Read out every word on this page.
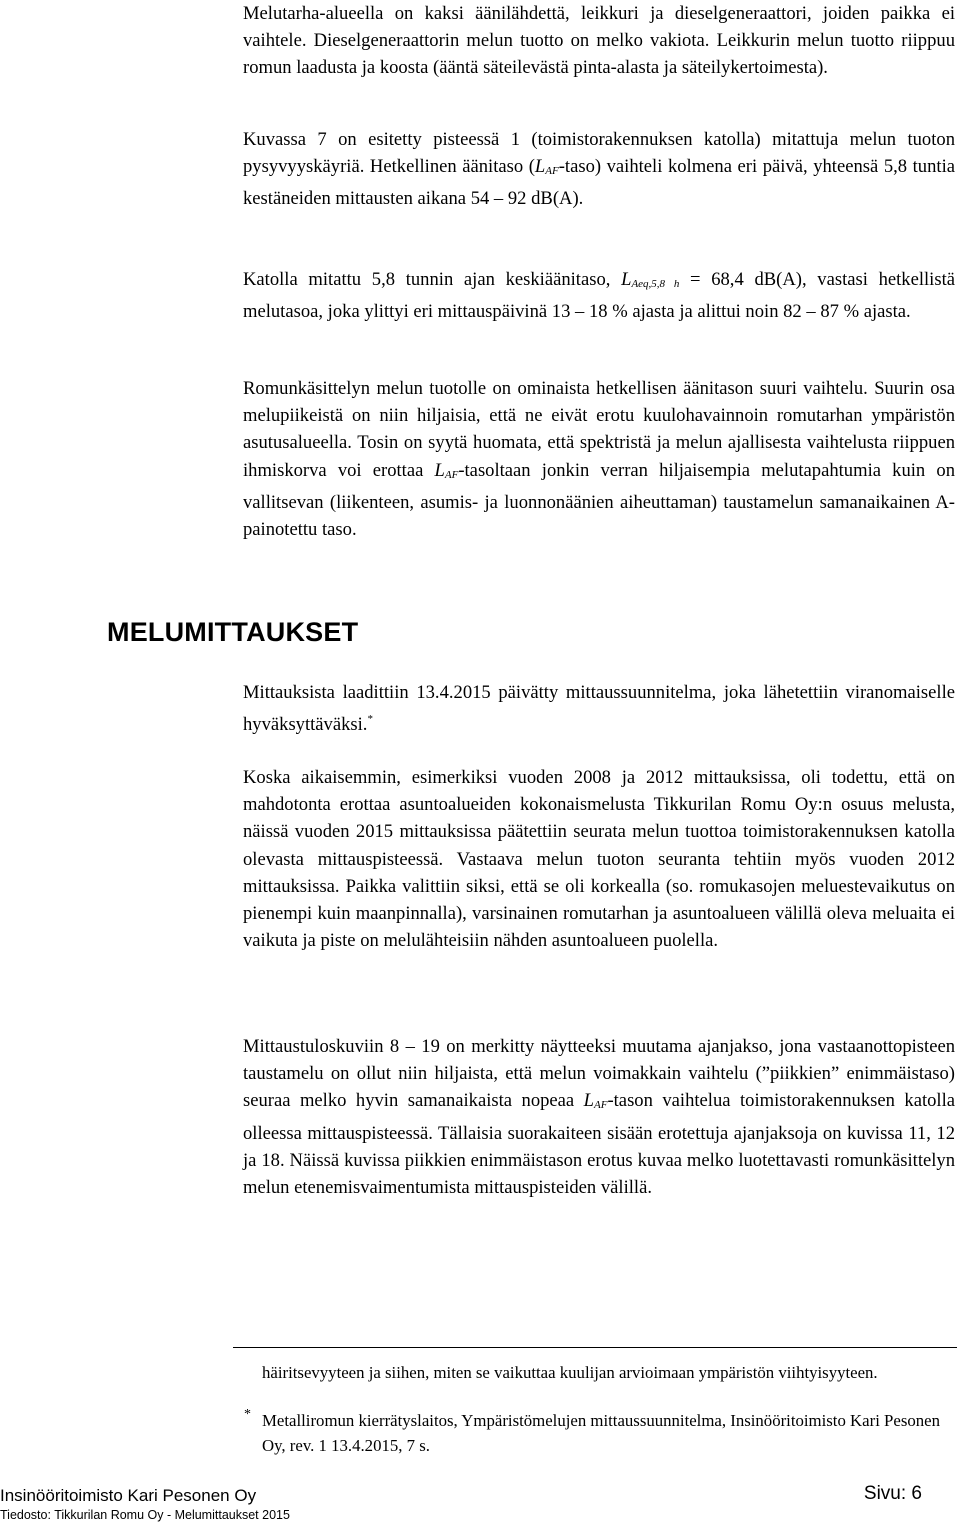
Melutarha-alueella on kaksi äänilähdettä, leikkuri ja dieselgeneraattori, joiden paikka ei vaihtele. Dieselgeneraattorin melun tuotto on melko vakiota. Leikkurin melun tuotto riippuu romun laadusta ja koosta (ääntä säteilevästä pinta-alasta ja säteilykertoimesta).

Kuvassa 7 on esitetty pisteessä 1 (toimistorakennuksen katolla) mitattuja melun tuoton pysyvyyskäyriä. Hetkellinen äänitaso $(L_{AF}-taso)$ vaihteli kolmena eri päivä, yhteensä 5,8 tuntia kestäneiden mittausten aikana 54 – 92 dB(A).

Katolla mitattu 5,8 tunnin ajan keskiäänitaso, $L_{Aeq,5,8 h} = 68,4$ dB(A), vastasi hetkellistä melutasoa, joka ylittyi eri mittauspäivinä 13 – 18 % ajasta ja alittui noin 82 – 87 % ajasta.

Romunkäsittelyn melun tuotolle on ominaista hetkellisen äänitason suuri vaihtelu. Suurin osa melupiikeistä on niin hiljaisia, että ne eivät erotu kuulohavainnoin romutarhan ympäristön asutusalueella. Tosin on syytä huomata, että spektristä ja melun ajallisesta vaihtelusta riippuen ihmiskorva voi erottaa $L_{AF}$-tasoltaan jonkin verran hiljaisempia melutapahtumia kuin on vallitsevan (liikenteen, asumis- ja luonnonäänien aiheuttaman) taustamelun samanaikainen A-painotettu taso.

MELUMITTAUKSET

Mittauksista laadittiin 13.4.2015 päivätty mittaussuunnitelma, joka lähetettiin viranomaiselle hyväksyttäväksi.*

Koska aikaisemmin, esimerkiksi vuoden 2008 ja 2012 mittauksissa, oli todettu, että on mahdotonta erottaa asuntoalueiden kokonaismelusta Tikkurilan Romu Oy:n osuus melusta, näissä vuoden 2015 mittauksissa päätettiin seurata melun tuottoa toimistorakennuksen katolla olevasta mittauspisteessä. Vastaava melun tuoton seuranta tehtiin myös vuoden 2012 mittauksissa. Paikka valittiin siksi, että se oli korkealla (so. romukasojen meluestevaikutus on pienempi kuin maanpinnalla), varsinainen romutarhan ja asuntoalueen välillä oleva meluaita ei vaikuta ja piste on melulähteisiin nähden asuntoalueen puolella.

Mittaustuloskuviin 8 – 19 on merkitty näytteeksi muutama ajanjakso, jona vastaanottopisteen taustamelu on ollut niin hiljaista, että melun voimakkain vaihtelu (”piikkien” enimmäistaso) seuraa melko hyvin samanaikaista nopeaa $L_{AF}$-tason vaihtelua toimistorakennuksen katolla olleessa mittauspisteessä. Tällaisia suorakaiteen sisään erotettuja ajanjaksoja on kuvissa 11, 12 ja 18. Näissä kuvissa piikkien enimmäistason erotus kuvaa melko luotettavasti romunkäsittelyn melun etenemisvaimentumista mittauspisteiden välillä.

häiritsevyyteen ja siihen, miten se vaikuttaa kuulijan arvioimaan ympäristön viihtyisyyteen.

* Metalliromun kierrätyslaitos, Ympäristömelujen mittaussuunnitelma, Insinööritoimisto Kari Pesonen Oy, rev. 1 13.4.2015, 7 s.

Insinööritoimisto Kari Pesonen Oy
Tiedosto: Tikkurilan Romu Oy - Melumittaukset 2015
Sivu: 6
